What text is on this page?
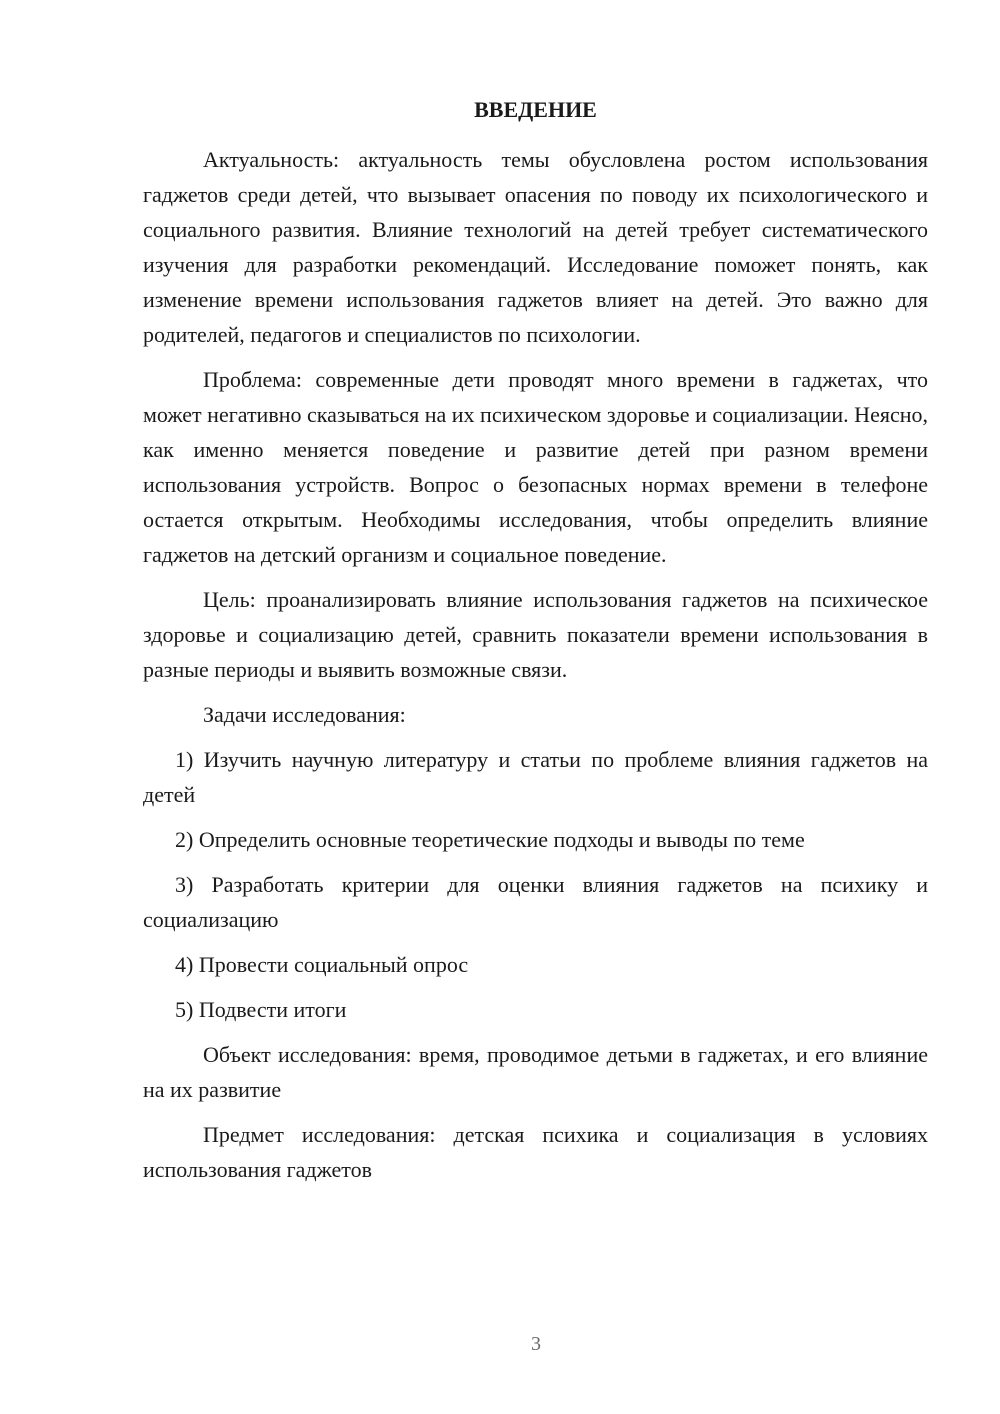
ВВЕДЕНИЕ

Актуальность: актуальность темы обусловлена ростом использования гаджетов среди детей, что вызывает опасения по поводу их психологического и социального развития. Влияние технологий на детей требует систематического изучения для разработки рекомендаций. Исследование поможет понять, как изменение времени использования гаджетов влияет на детей. Это важно для родителей, педагогов и специалистов по психологии.

Проблема: современные дети проводят много времени в гаджетах, что может негативно сказываться на их психическом здоровье и социализации. Неясно, как именно меняется поведение и развитие детей при разном времени использования устройств. Вопрос о безопасных нормах времени в телефоне остается открытым. Необходимы исследования, чтобы определить влияние гаджетов на детский организм и социальное поведение.

Цель: проанализировать влияние использования гаджетов на психическое здоровье и социализацию детей, сравнить показатели времени использования в разные периоды и выявить возможные связи.

Задачи исследования:

1) Изучить научную литературу и статьи по проблеме влияния гаджетов на детей

2) Определить основные теоретические подходы и выводы по теме

3) Разработать критерии для оценки влияния гаджетов на психику и социализацию

4) Провести социальный опрос

5) Подвести итоги

Объект исследования: время, проводимое детьми в гаджетах, и его влияние на их развитие

Предмет исследования: детская психика и социализация в условиях использования гаджетов

3
